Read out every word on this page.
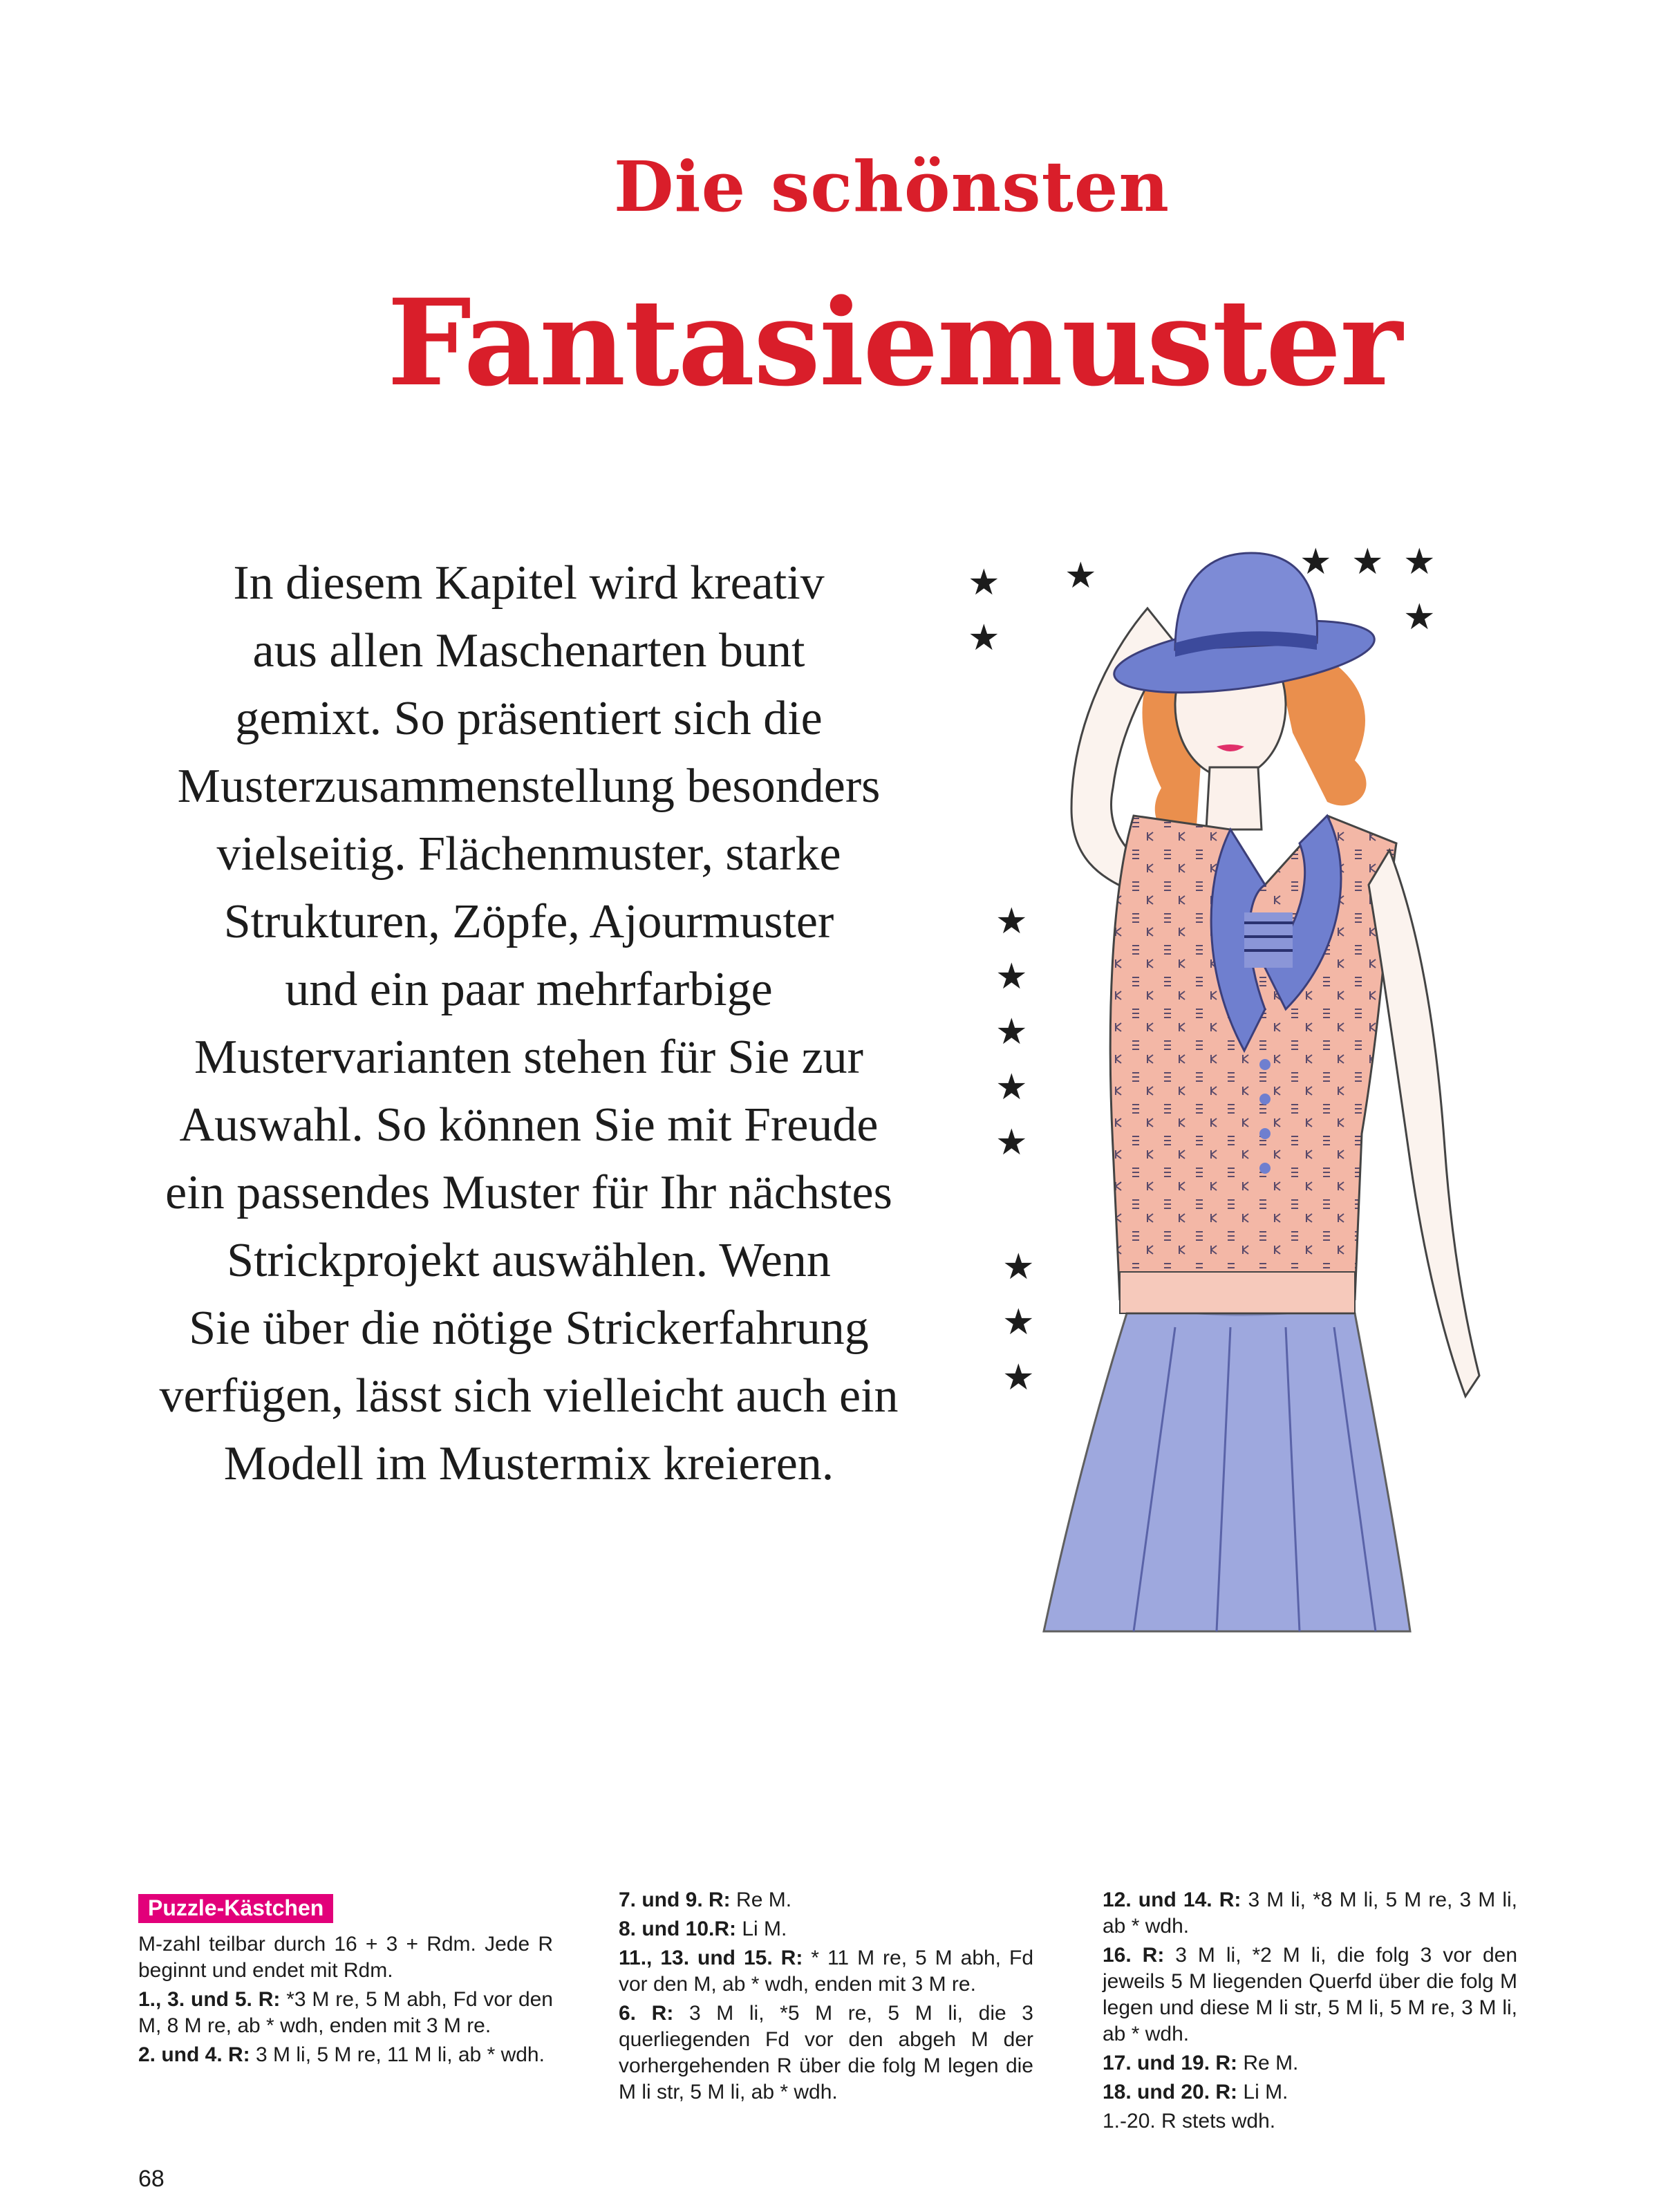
Die schönsten
Fantasiemuster
In diesem Kapitel wird kreativ
aus allen Maschenarten bunt
gemixt. So präsentiert sich die
Musterzusammenstellung besonders
vielseitig. Flächenmuster, starke
Strukturen, Zöpfe, Ajourmuster
und ein paar mehrfarbige
Mustervarianten stehen für Sie zur
Auswahl. So können Sie mit Freude
ein passendes Muster für Ihr nächstes
Strickprojekt auswählen. Wenn
Sie über die nötige Strickerfahrung
verfügen, lässt sich vielleicht auch ein
Modell im Mustermix kreieren.
★
★
★	★ ★ ★
★
★
★
★
★
★
★
★
★
Puzzle-Kästchen

M-zahl teilbar durch 16 + 3 + Rdm. Jede R beginnt und endet mit Rdm.

1., 3. und 5. R: *3 M re, 5 M abh, Fd vor den M, 8 M re, ab * wdh, enden mit 3 M re.

2. und 4. R: 3 M li, 5 M re, 11 M li, ab * wdh.

7. und 9. R: Re M.

8. und 10.R: Li M.

11., 13. und 15. R: * 11 M re, 5 M abh, Fd vor den M, ab * wdh, enden mit 3 M re.

6. R: 3 M li, *5 M re, 5 M li, die 3 querliegenden Fd vor den abgeh M der vorhergehenden R über die folg M legen die M li str, 5 M li, ab * wdh.

12. und 14. R: 3 M li, *8 M li, 5 M re, 3 M li, ab * wdh.

16. R: 3 M li, *2 M li, die folg 3 vor den jeweils 5 M liegenden Querfd über die folg M legen und diese M li str, 5 M li, 5 M re, 3 M li, ab * wdh.

17. und 19. R: Re M.

18. und 20. R: Li M.

1.-20. R stets wdh.

68
